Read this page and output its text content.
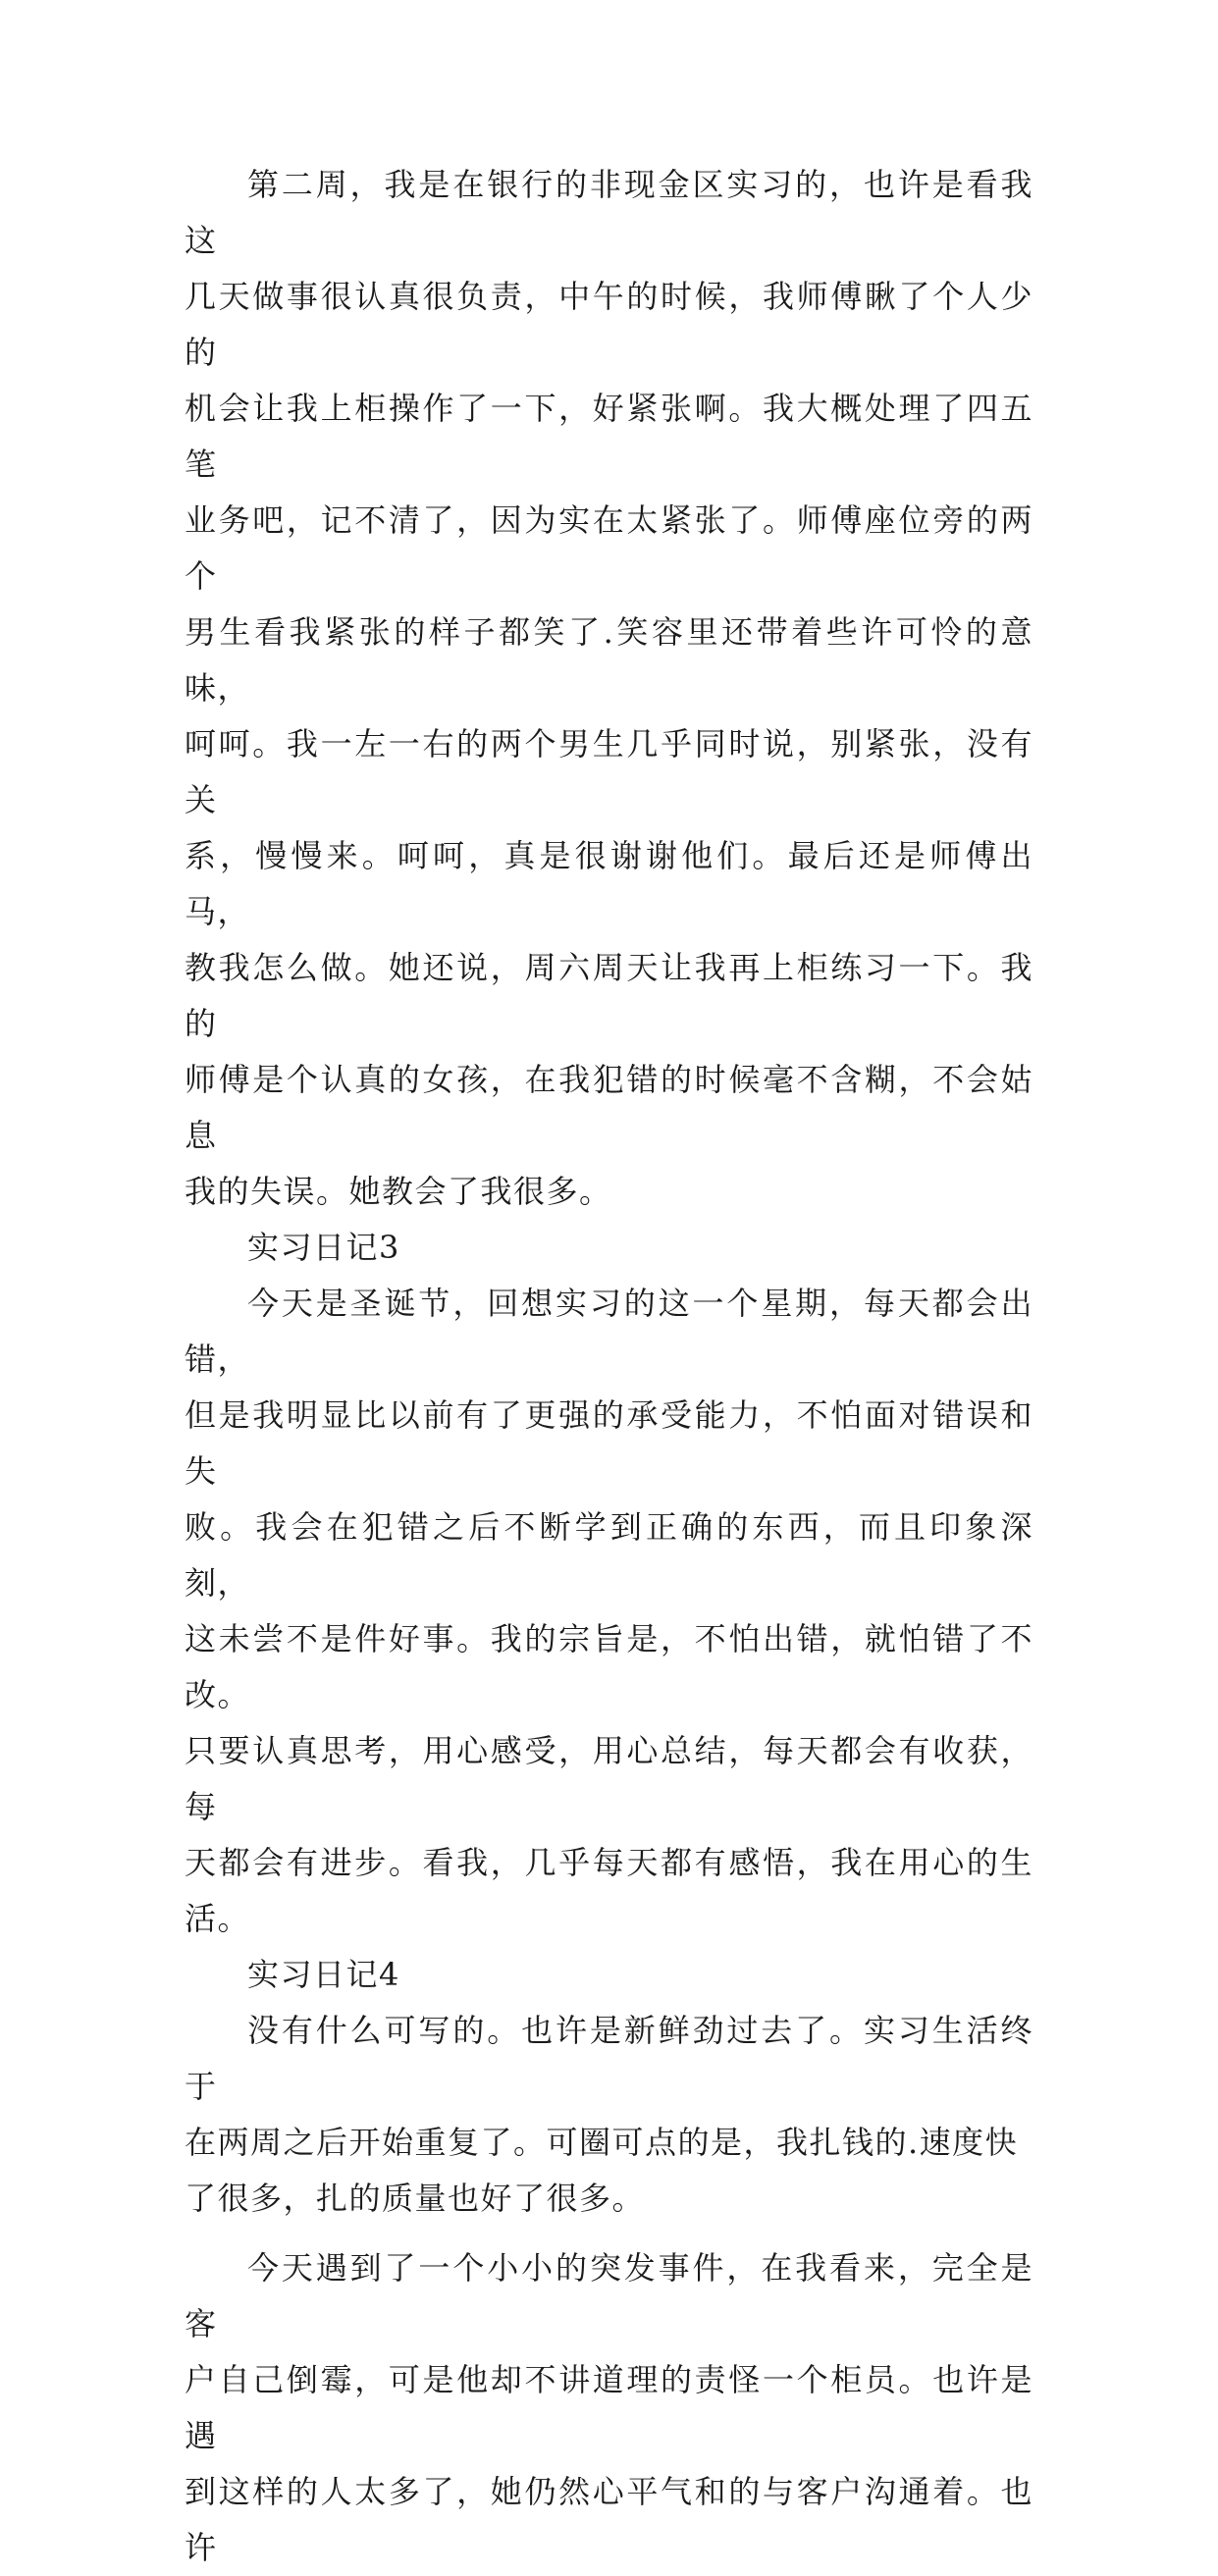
第二周，我是在银行的非现金区实习的，也许是看我这
几天做事很认真很负责，中午的时候，我师傅瞅了个人少的
机会让我上柜操作了一下，好紧张啊。我大概处理了四五笔
业务吧，记不清了，因为实在太紧张了。师傅座位旁的两个
男生看我紧张的样子都笑了.笑容里还带着些许可怜的意味，
呵呵。我一左一右的两个男生几乎同时说，别紧张，没有关
系，慢慢来。呵呵，真是很谢谢他们。最后还是师傅出马，
教我怎么做。她还说，周六周天让我再上柜练习一下。我的
师傅是个认真的女孩，在我犯错的时候毫不含糊，不会姑息
我的失误。她教会了我很多。

实习日记3

今天是圣诞节，回想实习的这一个星期，每天都会出错，
但是我明显比以前有了更强的承受能力，不怕面对错误和失
败。我会在犯错之后不断学到正确的东西，而且印象深刻，
这未尝不是件好事。我的宗旨是，不怕出错，就怕错了不改。
只要认真思考，用心感受，用心总结，每天都会有收获，每
天都会有进步。看我，几乎每天都有感悟，我在用心的生活。

实习日记4

没有什么可写的。也许是新鲜劲过去了。实习生活终于
在两周之后开始重复了。可圈可点的是，我扎钱的.速度快
了很多，扎的质量也好了很多。

今天遇到了一个小小的突发事件，在我看来，完全是客
户自己倒霉，可是他却不讲道理的责怪一个柜员。也许是遇
到这样的人太多了，她仍然心平气和的与客户沟通着。也许
